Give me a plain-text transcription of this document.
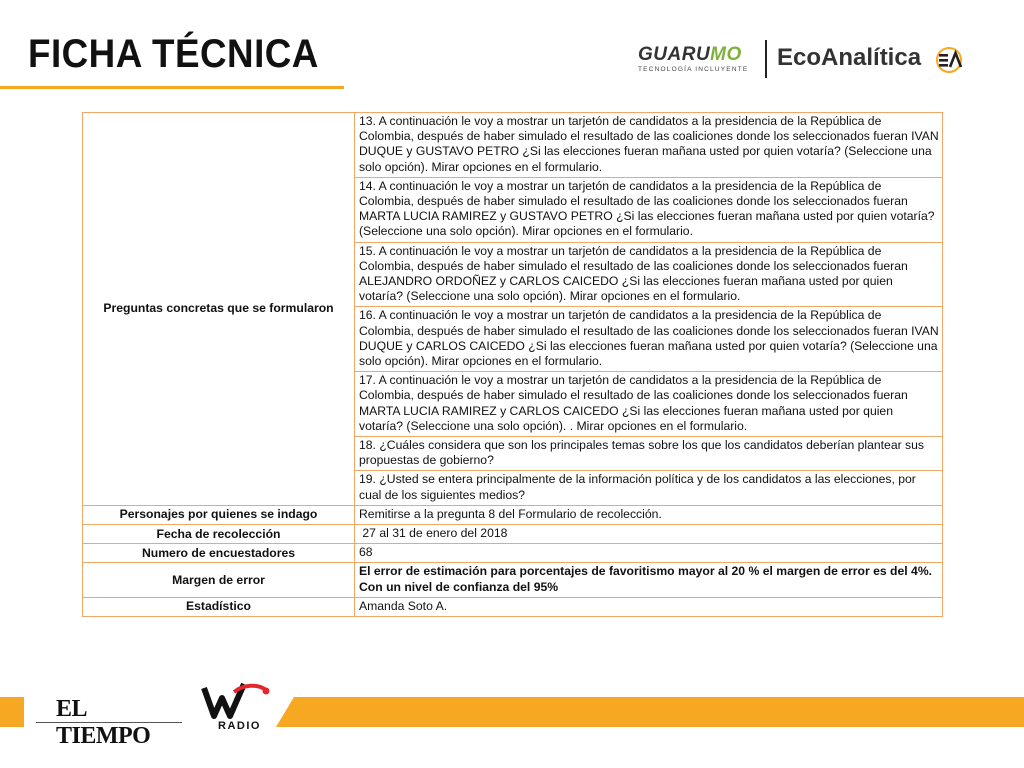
FICHA TÉCNICA	GUARUMO
TECNOLOGÍA INCLUYENTE EcoAnalítica
Preguntas concretas que se formularon	13. A continuación le voy a mostrar un tarjetón de candidatos a la presidencia de la República de Colombia, después de haber simulado el resultado de las coaliciones donde los seleccionados fueran IVAN DUQUE y GUSTAVO PETRO ¿Si las elecciones fueran mañana usted por quien votaría? (Seleccione una solo opción). Mirar opciones en el formulario.
	14. A continuación le voy a mostrar un tarjetón de candidatos a la presidencia de la República de Colombia, después de haber simulado el resultado de las coaliciones donde los seleccionados fueran MARTA LUCIA RAMIREZ y GUSTAVO PETRO ¿Si las elecciones fueran mañana usted por quien votaría? (Seleccione una solo opción). Mirar opciones en el formulario.
	15. A continuación le voy a mostrar un tarjetón de candidatos a la presidencia de la República de Colombia, después de haber simulado el resultado de las coaliciones donde los seleccionados fueran ALEJANDRO ORDOÑEZ y CARLOS CAICEDO ¿Si las elecciones fueran mañana usted por quien votaría? (Seleccione una solo opción). Mirar opciones en el formulario.
	16. A continuación le voy a mostrar un tarjetón de candidatos a la presidencia de la República de Colombia, después de haber simulado el resultado de las coaliciones donde los seleccionados fueran IVAN DUQUE y CARLOS CAICEDO ¿Si las elecciones fueran mañana usted por quien votaría? (Seleccione una solo opción). Mirar opciones en el formulario.
	17. A continuación le voy a mostrar un tarjetón de candidatos a la presidencia de la República de Colombia, después de haber simulado el resultado de las coaliciones donde los seleccionados fueran MARTA LUCIA RAMIREZ y CARLOS CAICEDO ¿Si las elecciones fueran mañana usted por quien votaría? (Seleccione una solo opción). . Mirar opciones en el formulario.
	18. ¿Cuáles considera que son los principales temas sobre los que los candidatos deberían plantear sus propuestas de gobierno?
	19. ¿Usted se entera principalmente de la información política y de los candidatos a las elecciones, por cual de los siguientes medios?
Personajes por quienes se indago	Remitirse a la pregunta 8 del Formulario de recolección.
Fecha de recolección	27 al 31 de enero del 2018
Numero de encuestadores	68
Margen de error	El error de estimación para porcentajes de favoritismo mayor al 20 % el margen de error es del 4%. Con un nivel de confianza del 95%
Estadístico	Amanda Soto A.
EL TIEMPO	RADIO
